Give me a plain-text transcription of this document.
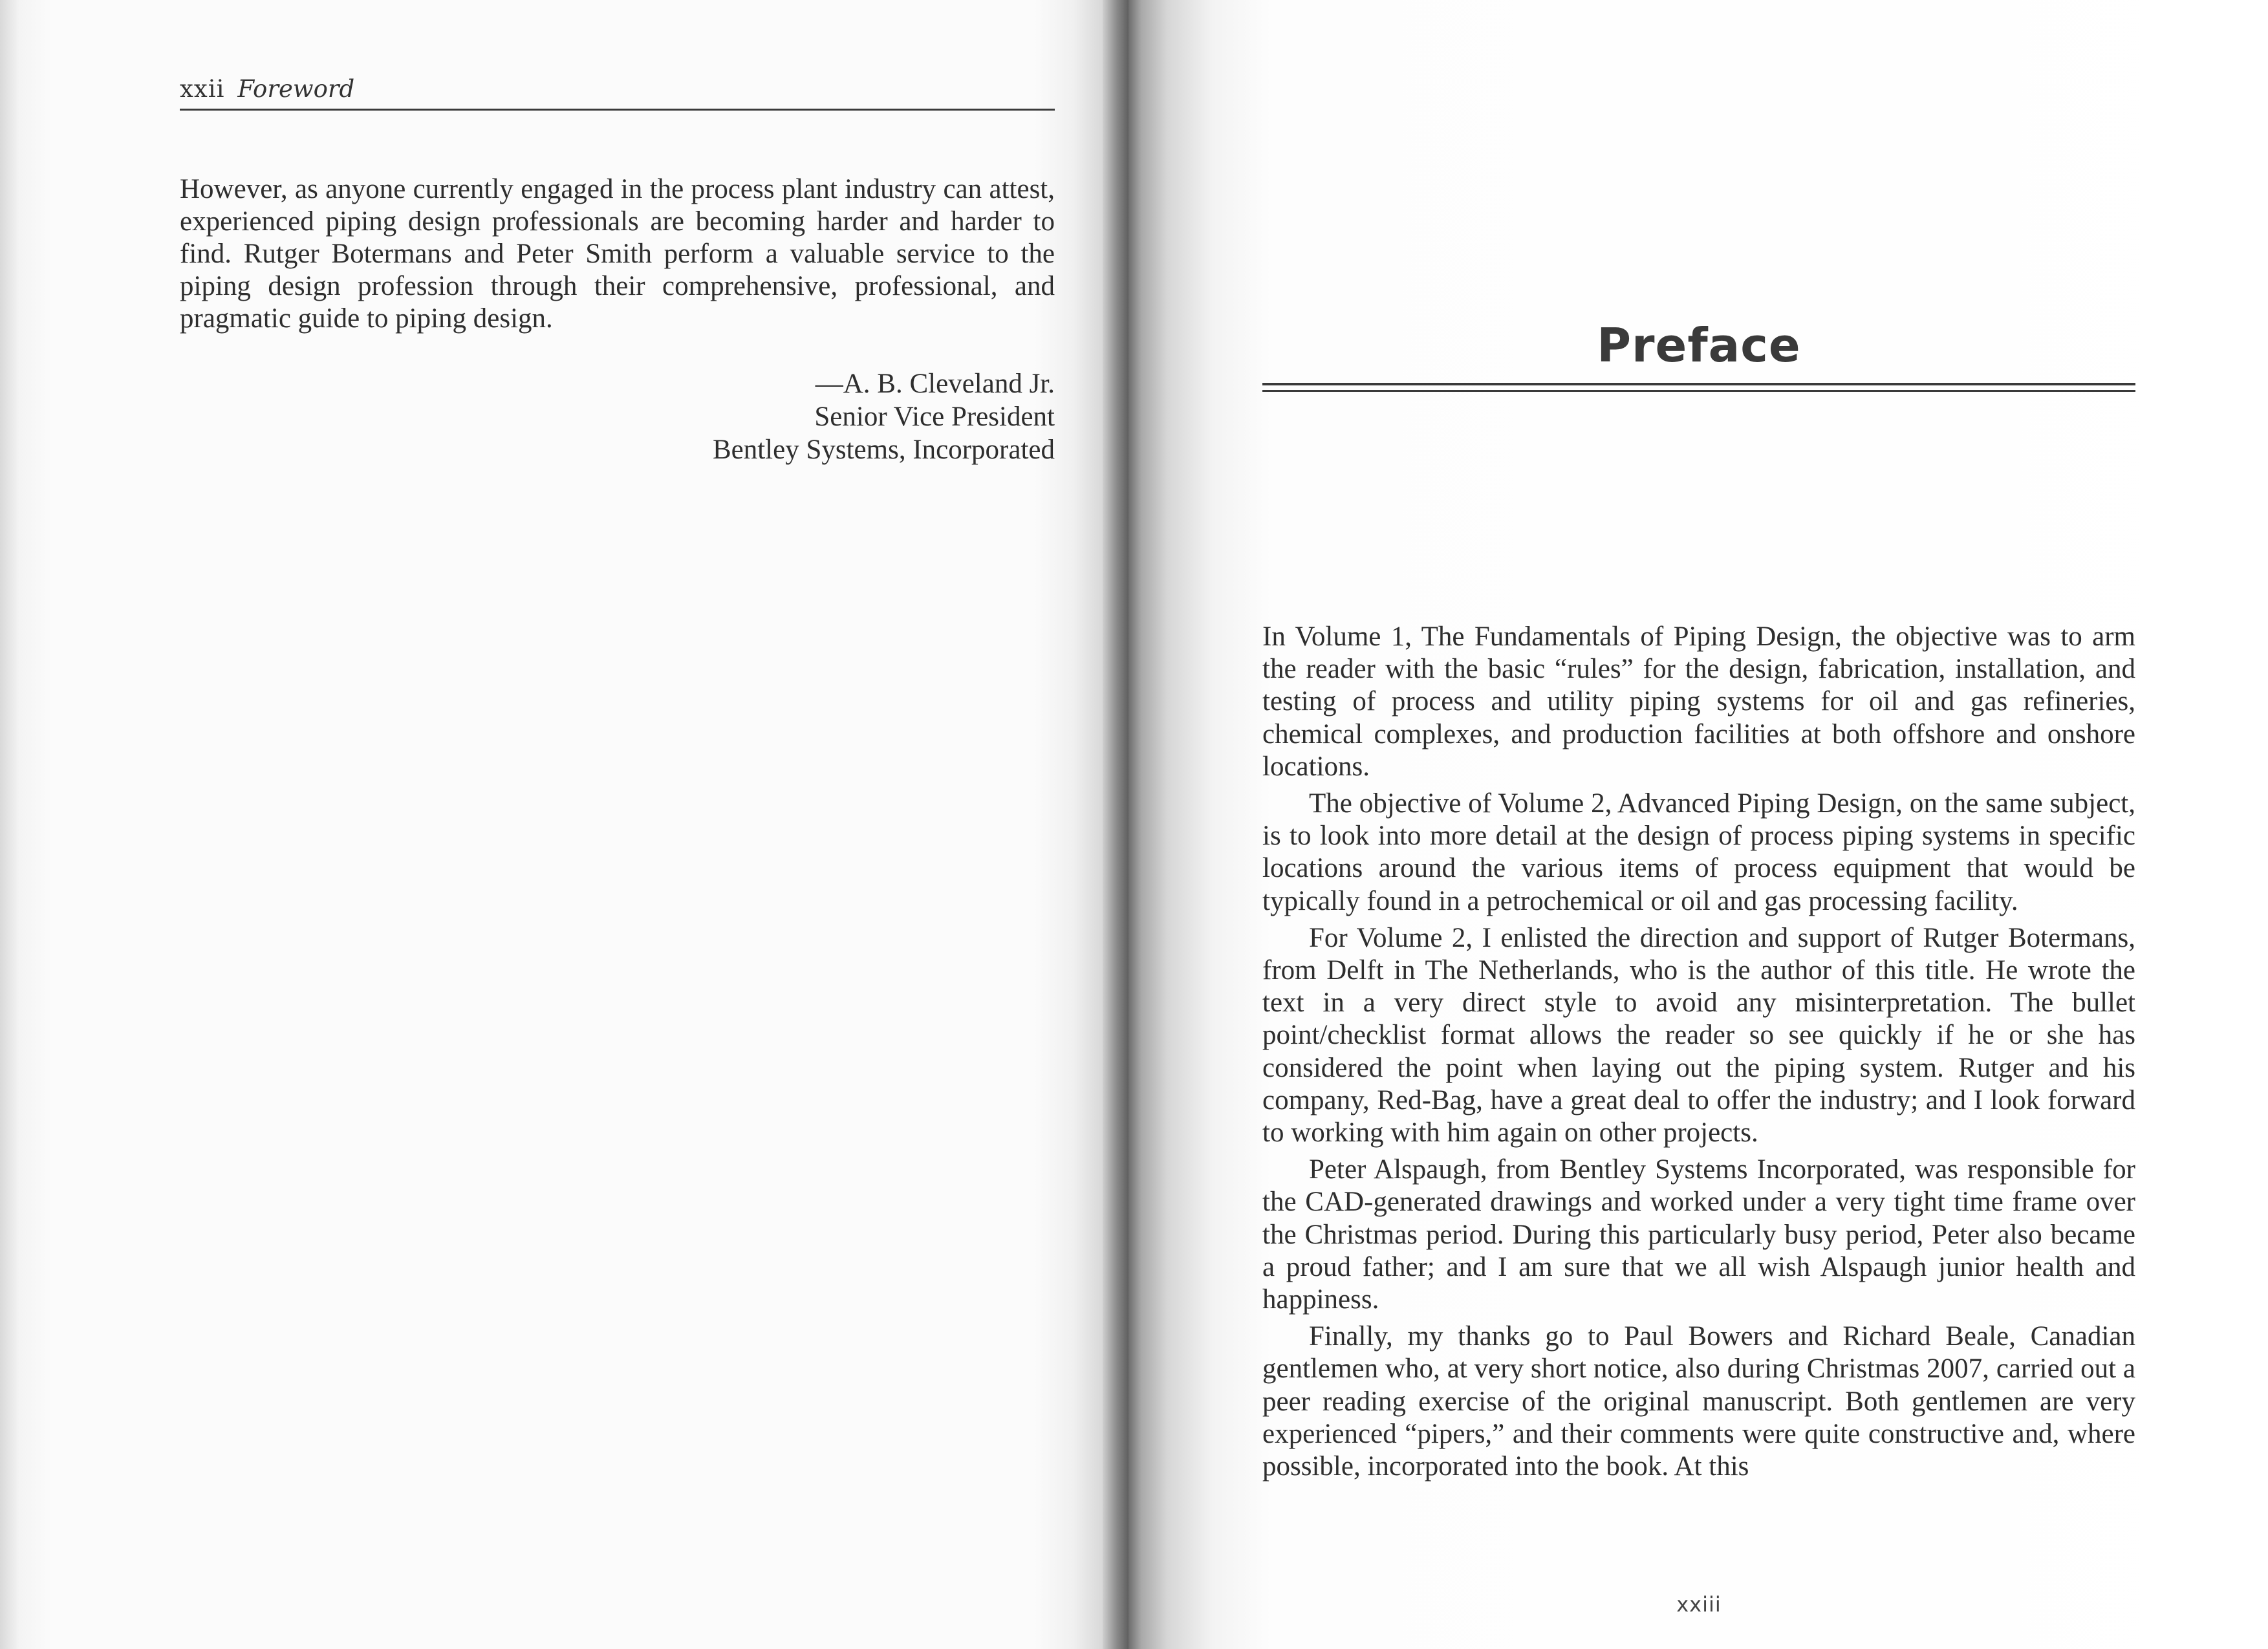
xxii Foreword
However, as anyone currently engaged in the process plant industry can attest, experienced piping design professionals are becoming harder and harder to find. Rutger Botermans and Peter Smith perform a valuable service to the piping design profession through their comprehensive, professional, and pragmatic guide to piping design.
—A. B. Cleveland Jr.
Senior Vice President
Bentley Systems, Incorporated
Preface

In Volume 1, The Fundamentals of Piping Design, the objective was to arm the reader with the basic “rules” for the design, fabrication, installation, and testing of process and utility piping systems for oil and gas refineries, chemical complexes, and production facilities at both offshore and onshore locations.

The objective of Volume 2, Advanced Piping Design, on the same subject, is to look into more detail at the design of process piping systems in specific locations around the various items of process equipment that would be typically found in a petrochemical or oil and gas processing facility.

For Volume 2, I enlisted the direction and support of Rutger Botermans, from Delft in The Netherlands, who is the author of this title. He wrote the text in a very direct style to avoid any misinterpretation. The bullet point/checklist format allows the reader so see quickly if he or she has considered the point when laying out the piping system. Rutger and his company, Red-Bag, have a great deal to offer the industry; and I look forward to working with him again on other projects.

Peter Alspaugh, from Bentley Systems Incorporated, was responsible for the CAD-generated drawings and worked under a very tight time frame over the Christmas period. During this particularly busy period, Peter also became a proud father; and I am sure that we all wish Alspaugh junior health and happiness.

Finally, my thanks go to Paul Bowers and Richard Beale, Canadian gentlemen who, at very short notice, also during Christmas 2007, carried out a peer reading exercise of the original manuscript. Both gentlemen are very experienced “pipers,” and their comments were quite constructive and, where possible, incorporated into the book. At this

xxiii
